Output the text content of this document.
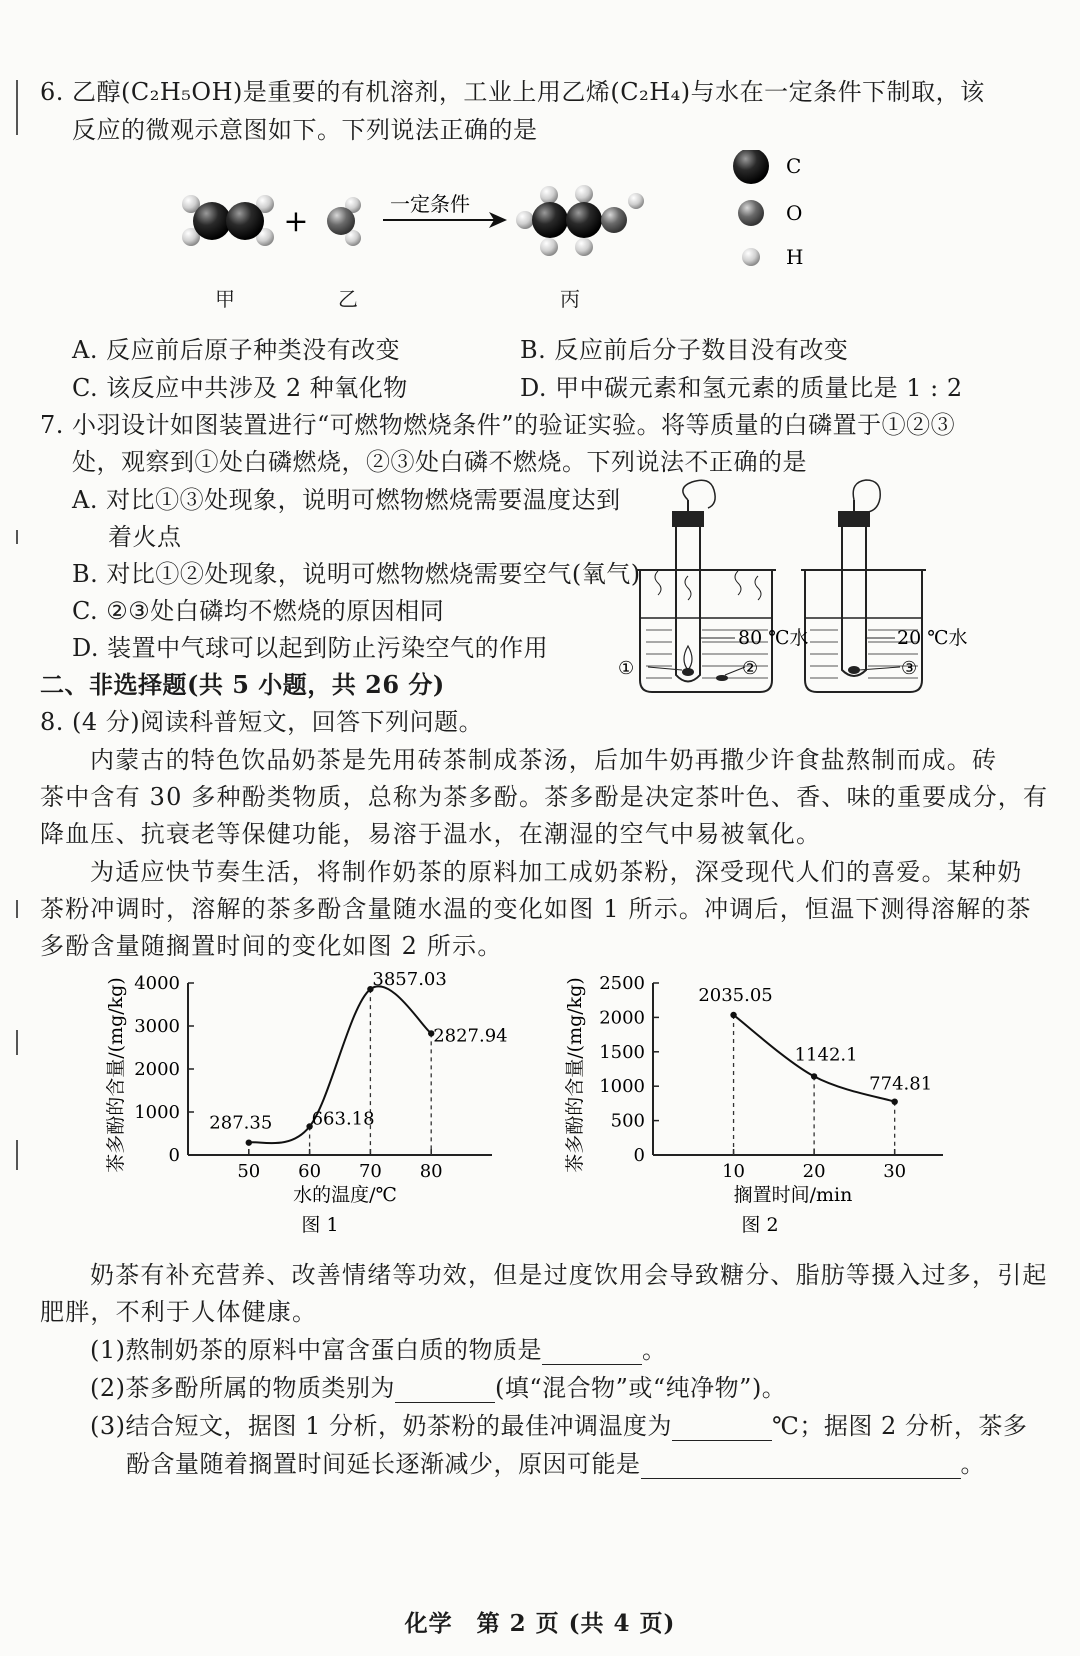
6. 乙醇(C₂H₅OH)是重要的有机溶剂，工业上用乙烯(C₂H₄)与水在一定条件下制取，该
反应的微观示意图如下。下列说法正确的是
+	一定条件
C
O
H
甲	乙	丙
A. 反应前后原子种类没有改变	B. 反应前后分子数目没有改变
C. 该反应中共涉及 2 种氧化物	D. 甲中碳元素和氢元素的质量比是 1 : 2
7. 小羽设计如图装置进行“可燃物燃烧条件”的验证实验。将等质量的白磷置于①②③
处，观察到①处白磷燃烧，②③处白磷不燃烧。下列说法不正确的是
A. 对比①③处现象，说明可燃物燃烧需要温度达到
着火点
B. 对比①②处现象，说明可燃物燃烧需要空气(氧气)
C. ②③处白磷均不燃烧的原因相同
D. 装置中气球可以起到防止污染空气的作用
①	②	③
80 ℃水	20 ℃水
二、非选择题(共 5 小题，共 26 分)
8. (4 分)阅读科普短文，回答下列问题。
内蒙古的特色饮品奶茶是先用砖茶制成茶汤，后加牛奶再撒少许食盐熬制而成。砖
茶中含有 30 多种酚类物质，总称为茶多酚。茶多酚是决定茶叶色、香、味的重要成分，有
降血压、抗衰老等保健功能，易溶于温水，在潮湿的空气中易被氧化。
为适应快节奏生活，将制作奶茶的原料加工成奶茶粉，深受现代人们的喜爱。某种奶
茶粉冲调时，溶解的茶多酚含量随水温的变化如图 1 所示。冲调后，恒温下测得溶解的茶
多酚含量随搁置时间的变化如图 2 所示。
0
1000
2000
3000
4000
50 60 70 80
287.35 663.18
3857.03
2827.94
水的温度/℃
图 1
茶多酚的含量/(mg/kg)	0
500
1000
1500
2000
2500
10	20	30
2035.05
1142.1
774.81
搁置时间/min
图 2
茶多酚的含量/(mg/kg)
奶茶有补充营养、改善情绪等功效，但是过度饮用会导致糖分、脂肪等摄入过多，引起
肥胖，不利于人体健康。
(1)熬制奶茶的原料中富含蛋白质的物质是	。
(2)茶多酚所属的物质类别为	(填“混合物”或“纯净物”)。
(3)结合短文，据图 1 分析，奶茶粉的最佳冲调温度为	℃；据图 2 分析，茶多
酚含量随着搁置时间延长逐渐减少，原因可能是	。
化学　第 2 页 (共 4 页)
